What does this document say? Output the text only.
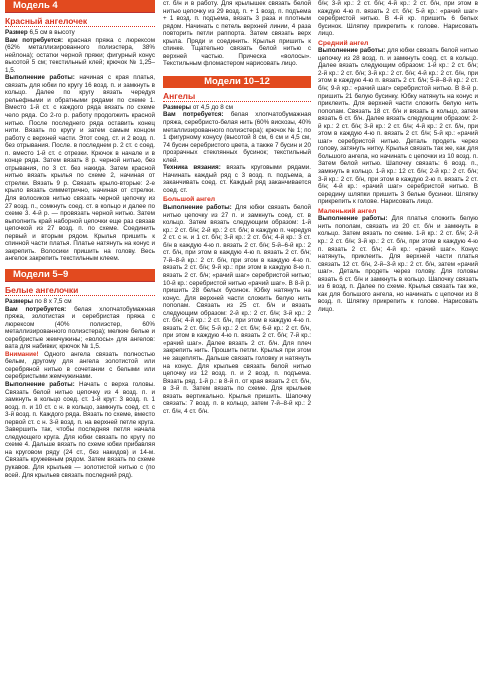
Модель 4
Красный ангелочек

Размер 6,5 см в высоту

Вам потребуется: красная пряжа с люрексом (62% металлизированного полиэстера, 38% нейлона); остатки черной пряжи; фигурный конус высотой 5 см; текстильный клей; крючок № 1,25–1,5.

Выполнение работы: начиная с края платья, связать для юбки по кругу 16 возд. п. и замкнуть в кольцо. Далее по кругу вязать чередуя рельефными и обратными рядами по схеме 1. Вместо 1-й ст. с каждого ряда вязать по схеме чело ряда. Со 2-го р. работу продолжить красной нитью. После последнего ряда оставить конец нити. Вязать по кругу и затем самым концом работу с верхней части. Этот соед. ст. и 2 возд. п. без отрывания. После. в последнем р. 2 ст. с соед. п. вместо 1-й ст. с отрезки. Крючок в начале и в конце ряда. Затем вязать 8 р. черной нитью, без отрывания, по 3 ст. без накида. Затем красной нитью вязать крылья по схеме 2, начиная от стрелки. Вязать 9 р. Связать крыло-вторые: 2-е крыло вязать симметрично, начиная от стрелки. Для волосиков нитью связать черной цепочку из 27 возд. п., сомкнуть соед. ст. в кольцо и далее по схеме 3. 4-й р. — провязать черной нитью. Затем выполнить край наборной цепочки еще раз связав цепочкой из 27 возд. п. по схеме. Соединить первый и вторым рядом. Крылья пришить к спинной части платья. Платье натянуть на конус и закрепить. Волосики пришить на голову. Весь ангелок закрепить текстильным клеем.

Модели 5–9
Белые ангелочки

Размеры по 8 х 7,5 см

Вам потребуется: белая хлопчатобумажная пряжа, золотистая и серебристая пряжа с люрексом (40% полиэстер, 60% металлизированного полиэстера); мелкие белые и серебристые жемчужины; «волосы» для ангелов: вата для набивки; крючок № 1,5.

Внимание! Одного ангела связать полностью белым, другому для ангела золотистой или серебряной нитью в сочетании с белыми или серебристыми жемчужинами.

Выполнение работы: Начать с верха головы. Связать белой нитью цепочку из 4 возд. п. и замкнуть в кольцо соед. ст. 1-й круг: 3 возд. п. 1 возд. п. и 10 ст. с н. в кольцо, замкнуть соед. ст. с 3-й возд. п. Каждого ряда. Вязать по схеме, вместо первой ст. с н. 3-й возд. п. на верхней петле круга. Завершить так, чтобы последняя петля начала следующего круга. Для юбки связать по кругу по схеме 4. Дальше вязать по схеме юбки прибавляя на круговом ряду (24 ст., без накидов) и 14-м. Связать кружевным рядом. Затем вязать по схеме рукавов. Для крыльев — золотистой нитью с (по всей. Для крыльев связать последний ряд).

ст. б/н и в работу. Для крылышек связать белой нитью цепочку из 29 возд. п. + 1 возд. п. подъема + 1 возд. п. подъема, вязать 3 раза и плотным рядом. Начинать с петель верхней линии, 4 раза повторить петли раппорта. Затем связать верх крыла. Пряди и соединить. Крылья пришить к спинке. Тщательно связать белой нитью с верхней частью. Прическа «волосы». Текстильным фломастером нарисовать лицо.

Модели 10–12
Ангелы

Размеры от 4,5 до 8 см

Вам потребуется: белая хлопчатобумажная пряжа, серебристо-белая нить (60% вискозы, 40% металлизированного полиэстера); крючок № 1; по 1 фигурному конусу (высотой 8 см, 6 см и 4,5 см, 74 бусин серебристого цвета, а также 7 бусин и 20 прозрачных стеклянных бусинок; текстильный клей.

Техника вязания: вязать круговыми рядами. Начинать каждый ряд с 3 возд. п. подъема, а заканчивать соед. ст. Каждый ряд заканчивается соед. ст.

Большой ангел

Выполнение работы: Для юбки связать белой нитью цепочку из 27 п. и замкнуть соед. ст. в кольцо. Затем вязать следующим образом: 1-й кр.: 2 ст. б/н; 2-й кр.: 2 ст. б/н; в каждую п. чередуя 2 ст. с н. и 1 ст. б/н; 3-й кр.: 2 ст. б/н; 4-й кр.: 3 ст. б/н в каждую 4-ю п. вязать 2 ст. б/н; 5-й–6-й кр.: 2 ст. б/н, при этом в каждую 4-ю п. вязать 2 ст. б/н; 7-й–8-й кр.: 2 ст. б/н, при этом в каждую 4-ю п. вязать 2 ст. б/н; 9-й кр.: при этом в каждую 8-ю п. вязать 2 ст. б/н; «рачий шаг» серебристой нитью; 10-й кр.: серебристой нитью «рачий шаг». В 8-й р. пришить 28 белых бусинок. Юбку натянуть на конус. Для верхней части сложить белую нить пополам. Связать из 25 ст. б/н и вязать следующим образом: 2-й кр.: 2 ст. б/н; 3-й кр.: 2 ст. б/н; 4-й кр.: 2 ст. б/н, при этом в каждую 4-ю п. вязать 2 ст. б/н; 5-й кр.: 2 ст. б/н; 6-й кр.: 2 ст. б/н, при этом в каждую 4-ю п. вязать 2 ст. б/н; 7-й кр.: «рачий шаг». Далее вязать 2 ст. б/н. Для плеч закрепить нить. Прошить петли. Крылья при этом не зацеплять. Дальше связать головку и натянуть на конус. Для крыльев связать белой нитью цепочку из 12 возд. п. и 2 возд. п. подъема. Вязать ряд. 1-й р.: в 8-й п. от края вязать 2 ст. б/н, в 3-й п. Затем вязать по схеме. Для крыльев вязать вертикально. Крылья пришить. Шапочку связать: 7 возд. п. в кольцо, затем 7-й–8-й кр.: 2 ст. б/н, 4 ст. б/н.

б/н; 3-й кр.: 2 ст. б/н; 4-й кр.: 2 ст. б/н, при этом в каждую 4-ю п. вязать 2 ст. б/н; 5-й кр.: «рачий шаг» серебристой нитью. В 4-й кр. пришить 6 белых бусинок. Шляпку прикрепить к голове. Нарисовать лицо.

Средний ангел

Выполнение работы: для юбки связать белой нитью цепочку из 28 возд. п. и замкнуть соед. ст. в кольцо. Далее вязать следующим образом: 1-й кр.: 2 ст. б/н; 2-й кр.: 2 ст. б/н; 3-й кр.: 2 ст. б/н; 4-й кр.: 2 ст. б/н, при этом в каждую 4-ю п. вязать 2 ст. б/н; 5-й–8-й кр.: 2 ст. б/н; 9-й кр.: «рачий шаг» серебристой нитью. В 8-й р. пришить 21 белую бусинку. Юбку натянуть на конус и приклеить. Для верхней части сложить белую нить пополам. Связать 18 ст. б/н и вязать в кольцо, затем вязать 6 ст. б/н. Далее вязать следующим образом: 2-й кр.: 2 ст. б/н; 3-й кр.: 2 ст. б/н; 4-й кр.: 2 ст. б/н, при этом в каждую 4-ю п. вязать 2 ст. б/н; 5-й кр.: «рачий шаг» серебристой нитью. Деталь продеть через голову, затянуть нитку. Крылья связать так же, как для большого ангела, но начинать с цепочки из 10 возд. п. Затем белой нитью. Шапочку связать: 6 возд. п., замкнуть в кольцо. 1-й кр.: 12 ст. б/н; 2-й кр.: 2 ст. б/н; 3-й кр.: 2 ст. б/н, при этом в каждую 2-ю п. вязать 2 ст. б/н; 4-й кр.: «рачий шаг» серебристой нитью. В середину шляпки пришить 3 белые бусинки. Шляпку прикрепить к голове. Нарисовать лицо.

Маленький ангел

Выполнение работы: Для платья сложить белую нить пополам, связать из 20 ст. б/н и замкнуть в кольцо. Затем вязать по схеме. 1-й кр.: 2 ст. б/н; 2-й кр.: 2 ст. б/н; 3-й кр.: 2 ст. б/н, при этом в каждую 4-ю п. вязать 2 ст. б/н; 4-й кр.: «рачий шаг». Конус натянуть, приклеить. Для верхней части платья связать 12 ст. б/н, 2-й–3-й кр.: 2 ст. б/н, затем «рачий шаг». Деталь продеть через голову. Для головы вязать 6 ст. б/н и замкнуть в кольцо. Шапочку связать из 6 возд. п. Далее по схеме. Крылья связать так же, как для большого ангела, но начинать с цепочки из 8 возд. п. Шляпку прикрепить к голове. Нарисовать лицо.
